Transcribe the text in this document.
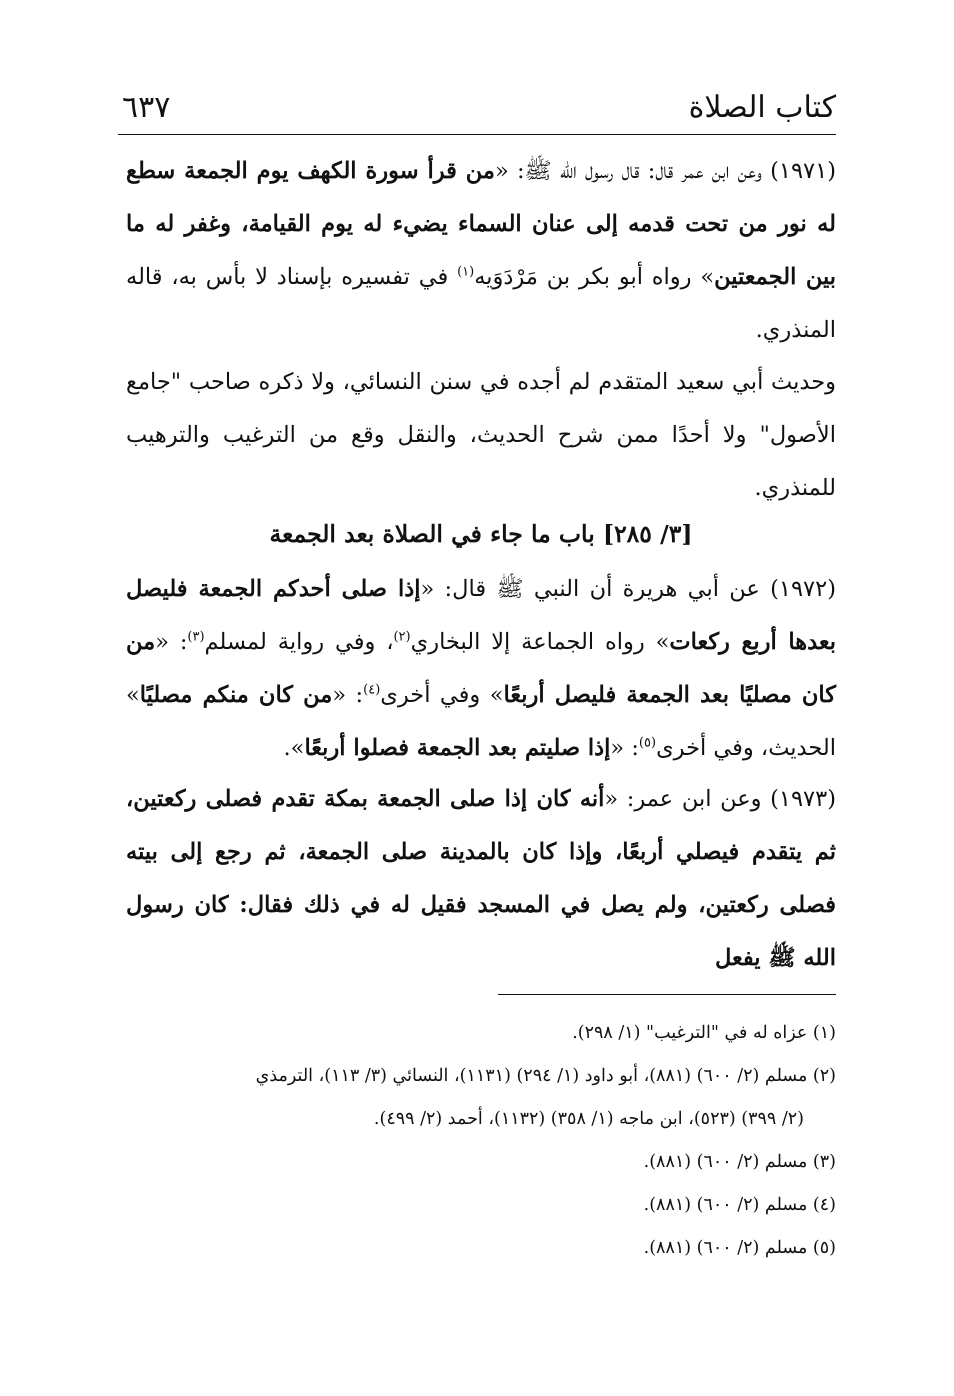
كتاب الصلاة
٦٣٧
(١٩٧١) وعن ابن عمر قال: قال رسول الله ﷺ: «من قرأ سورة الكهف يوم الجمعة سطع له نور من تحت قدمه إلى عنان السماء يضيء له يوم القيامة، وغفر له ما بين الجمعتين» رواه أبو بكر بن مَرْدَوَيه$^{(١)}$ في تفسيره بإسناد لا بأس به، قاله المنذري.
وحديث أبي سعيد المتقدم لم أجده في سنن النسائي، ولا ذكره صاحب "جامع الأصول" ولا أحدًا ممن شرح الحديث، والنقل وقع من الترغيب والترهيب للمنذري.
[٣/ ٢٨٥] باب ما جاء في الصلاة بعد الجمعة
(١٩٧٢) عن أبي هريرة أن النبي ﷺ قال: «إذا صلى أحدكم الجمعة فليصل بعدها أربع ركعات» رواه الجماعة إلا البخاري$^{(٢)}$، وفي رواية لمسلم$^{(٣)}$: «من كان مصليًا بعد الجمعة فليصل أربعًا» وفي أخرى$^{(٤)}$: «من كان منكم مصليًا» الحديث، وفي أخرى$^{(٥)}$: «إذا صليتم بعد الجمعة فصلوا أربعًا».
(١٩٧٣) وعن ابن عمر: «أنه كان إذا صلى الجمعة بمكة تقدم فصلى ركعتين، ثم يتقدم فيصلي أربعًا، وإذا كان بالمدينة صلى الجمعة، ثم رجع إلى بيته فصلى ركعتين، ولم يصل في المسجد فقيل له في ذلك فقال: كان رسول الله ﷺ يفعل
(١) عزاه له في "الترغيب" (١/ ٢٩٨).
(٢) مسلم (٢/ ٦٠٠) (٨٨١)، أبو داود (١/ ٢٩٤) (١١٣١)، النسائي (٣/ ١١٣)، الترمذي
(٢/ ٣٩٩) (٥٢٣)، ابن ماجه (١/ ٣٥٨) (١١٣٢)، أحمد (٢/ ٤٩٩).
(٣) مسلم (٢/ ٦٠٠) (٨٨١).
(٤) مسلم (٢/ ٦٠٠) (٨٨١).
(٥) مسلم (٢/ ٦٠٠) (٨٨١).
